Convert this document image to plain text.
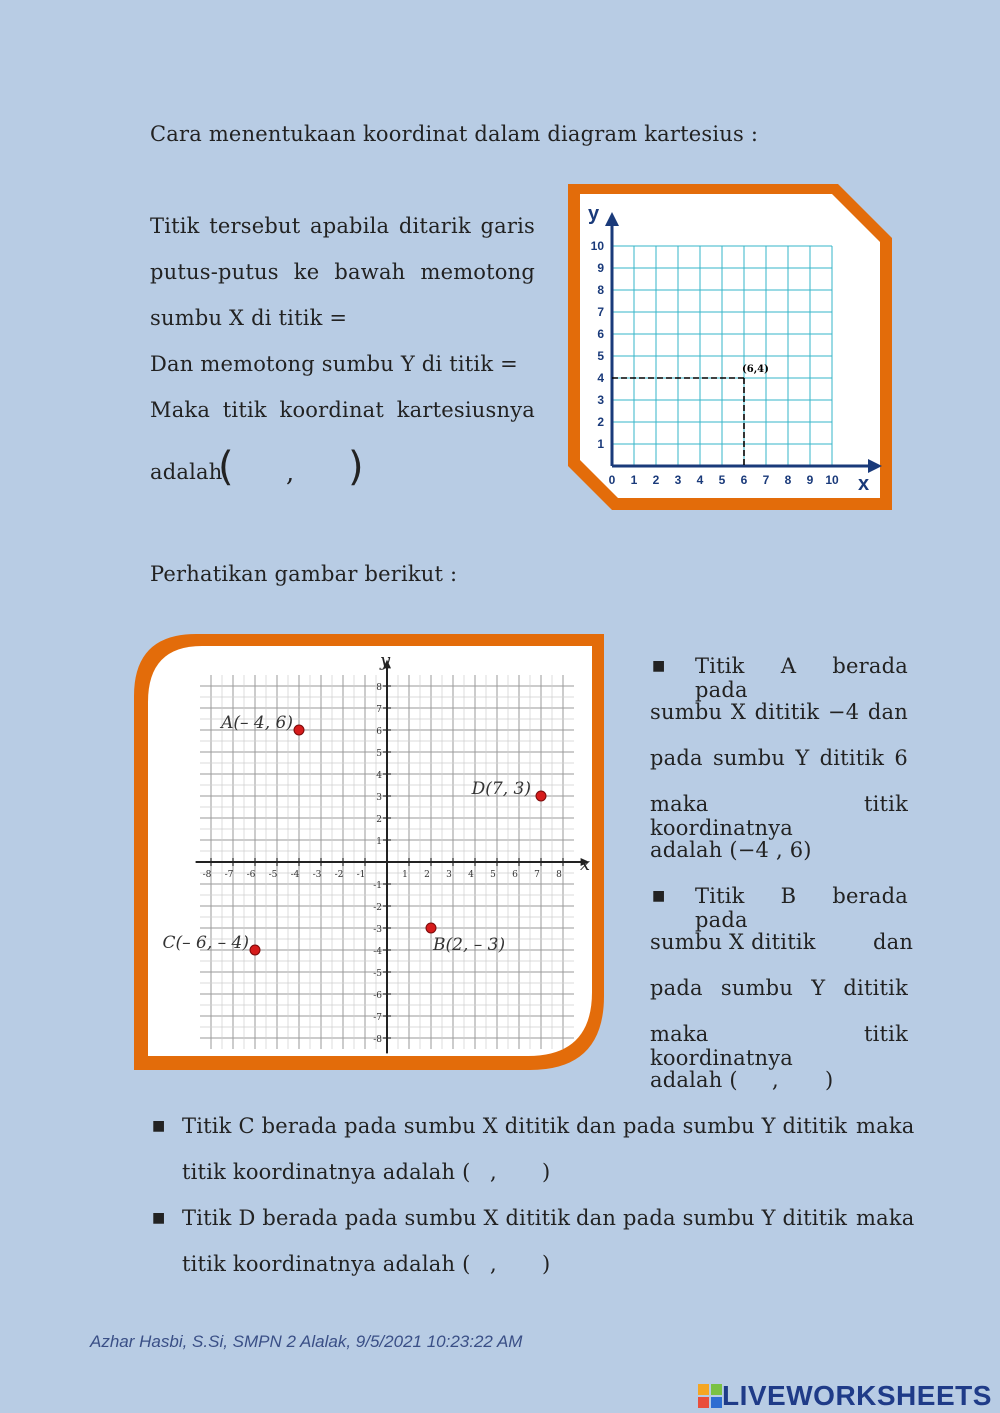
Cara menentukaan koordinat dalam diagram kartesius :
Titik tersebut apabila ditarik garis
putus-putus ke bawah memotong
sumbu X di titik =
Dan memotong sumbu Y di titik =
Maka titik koordinat kartesiusnya
adalah
( , )
y
x
0 1 2 3 4 5 6 7 8 9 10
1
2
3
4
5
6
7
8
9
10
(6,4)
Perhatikan gambar berikut :
y
x
-8 -7 -6 -5 -4 -3 -2 -1	1 2 3 4 5 6 7 8
8
7
6
5
4
3
2
1
-1
-2
-3
-4
-5
-6
-7
-8
A(– 4, 6)
D(7, 3)
C(– 6, – 4)	B(2, – 3)
■ Titik A berada pada
sumbu X dititik −4 dan
pada sumbu Y dititik 6
maka titik koordinatnya
adalah (−4 , 6)
■ Titik B berada pada
sumbu X dititik	dan
pada sumbu Y dititik
maka titik koordinatnya
adalah ( , )
■ Titik C berada pada sumbu X dititik dan pada sumbu Y dititik maka
titik koordinatnya adalah ( , )
■ Titik D berada pada sumbu X dititik dan pada sumbu Y dititik maka
titik koordinatnya adalah ( , )
Azhar Hasbi, S.Si, SMPN 2 Alalak, 9/5/2021 10:23:22 AM
LIVEWORKSHEETS
